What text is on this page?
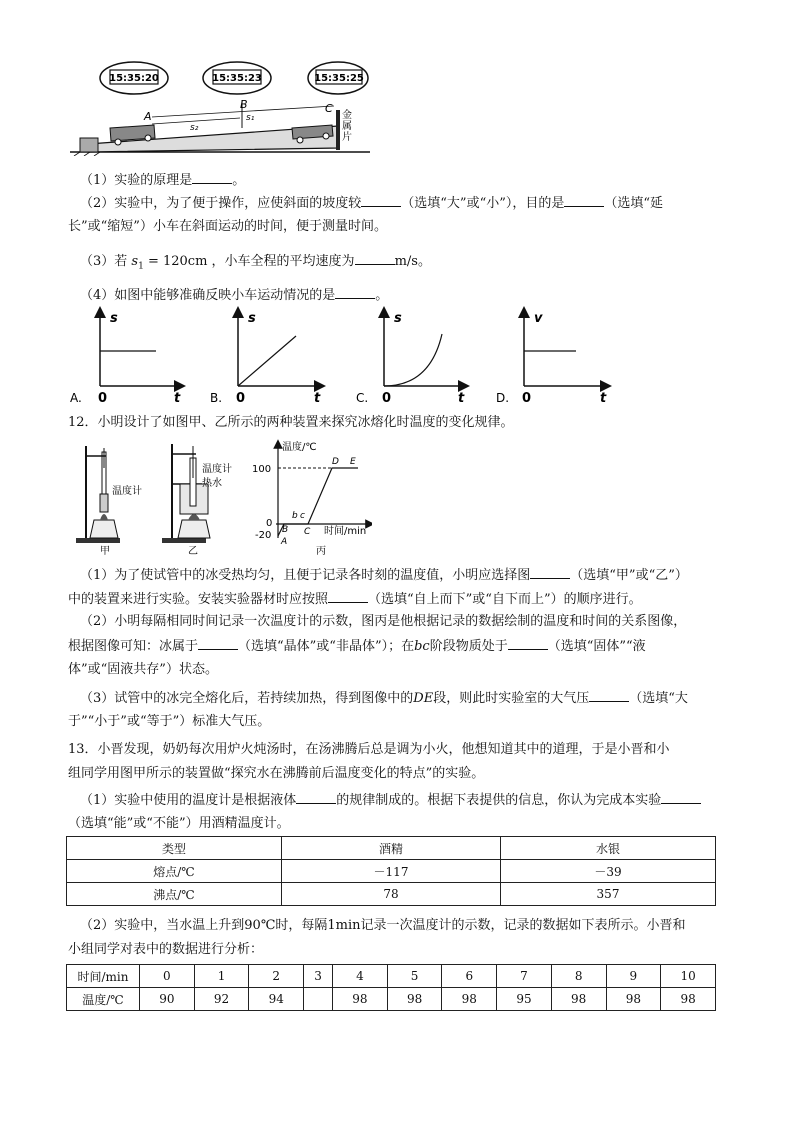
15:35:20	15:35:23	15:35:25
A
B	C
s₁
s₂
金属片
（1）实验的原理是	。
（2）实验中，为了便于操作，应使斜面的坡度较	（选填“大”或“小”），目的是	（选填“延
长”或“缩短”）小车在斜面运动的时间，便于测量时间。
（3）若 $s_1 = 120cm$ ，小车全程的平均速度为	m/s。
（4）如图中能够准确反映小车运动情况的是	。
s
t
0
A.
s
t
0
B.
s
t
0
C.
v
t
0
D.
12．小明设计了如图甲、乙所示的两种装置来探究冰熔化时温度的变化规律。
温度计
甲
温度计
热水
乙
温度/℃
时间/min
100
0
-20
A
B
b c
C
D E
丙
（1）为了使试管中的冰受热均匀，且便于记录各时刻的温度值，小明应选择图	（选填“甲”或“乙”）
中的装置来进行实验。安装实验器材时应按照	（选填“自上而下”或“自下而上”）的顺序进行。
（2）小明每隔相同时间记录一次温度计的示数，图丙是他根据记录的数据绘制的温度和时间的关系图像，
根据图像可知：冰属于	（选填“晶体”或“非晶体”）；在bc阶段物质处于	（选填“固体”“液
体”或“固液共存”）状态。
（3）试管中的冰完全熔化后，若持续加热，得到图像中的DE段，则此时实验室的大气压	（选填“大
于”“小于”或“等于”）标准大气压。
13．小晋发现，奶奶每次用炉火炖汤时，在汤沸腾后总是调为小火，他想知道其中的道理，于是小晋和小
组同学用图甲所示的装置做“探究水在沸腾前后温度变化的特点”的实验。
（1）实验中使用的温度计是根据液体	的规律制成的。根据下表提供的信息，你认为完成本实验
（选填“能”或“不能”）用酒精温度计。
类型	酒精	水银
熔点/℃	－117	－39
沸点/℃	78	357
（2）实验中，当水温上升到90℃时，每隔1min记录一次温度计的示数，记录的数据如下表所示。小晋和
小组同学对表中的数据进行分析：
时间/min	0	1	2	3	4	5	6	7	8	9	10
温度/℃	90	92	94		98	98	98	95	98	98	98
